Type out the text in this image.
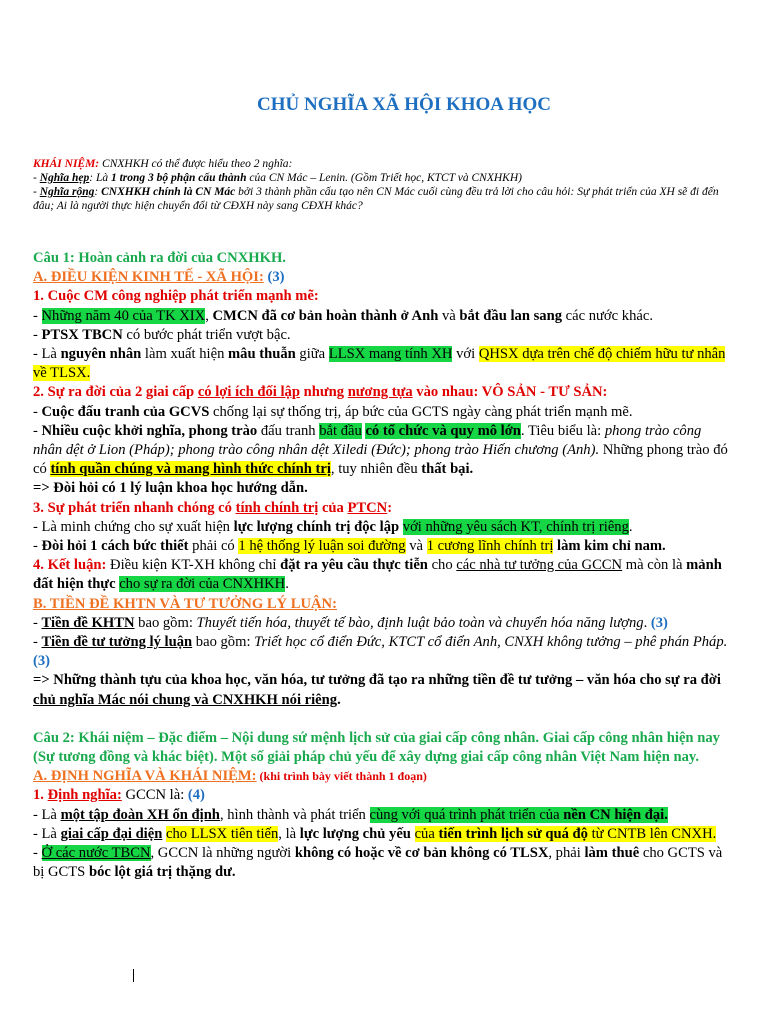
CHỦ NGHĨA XÃ HỘI KHOA HỌC
KHÁI NIỆM: CNXHKH có thể được hiểu theo 2 nghĩa:
- Nghĩa hẹp: Là 1 trong 3 bộ phận cấu thành của CN Mác – Lenin. (Gồm Triết học, KTCT và CNXHKH)
- Nghĩa rộng: CNXHKH chính là CN Mác bởi 3 thành phần cấu tạo nên CN Mác cuối cùng đều trả lời cho câu hỏi: Sự phát triển của XH sẽ đi đến đâu; Ai là người thực hiện chuyển đổi từ CĐXH này sang CĐXH khác?

Câu 1: Hoàn cảnh ra đời của CNXHKH.

A. ĐIỀU KIỆN KINH TẾ - XÃ HỘI: (3)

1. Cuộc CM công nghiệp phát triển mạnh mẽ:

- Những năm 40 của TK XIX, CMCN đã cơ bản hoàn thành ở Anh và bắt đầu lan sang các nước khác.

- PTSX TBCN có bước phát triển vượt bậc.

- Là nguyên nhân làm xuất hiện mâu thuẫn giữa LLSX mang tính XH với QHSX dựa trên chế độ chiếm hữu tư nhân về TLSX.

2. Sự ra đời của 2 giai cấp có lợi ích đối lập nhưng nương tựa vào nhau: VÔ SẢN - TƯ SẢN:

- Cuộc đấu tranh của GCVS chống lại sự thống trị, áp bức của GCTS ngày càng phát triển mạnh mẽ.

- Nhiều cuộc khởi nghĩa, phong trào đấu tranh bắt đầu có tổ chức và quy mô lớn. Tiêu biểu là: phong trào công nhân dệt ở Lion (Pháp); phong trào công nhân dệt Xiledi (Đức); phong trào Hiến chương (Anh). Những phong trào đó có tính quần chúng và mang hình thức chính trị, tuy nhiên đều thất bại.

=> Đòi hỏi có 1 lý luận khoa học hướng dẫn.

3. Sự phát triển nhanh chóng có tính chính trị của PTCN:

- Là minh chứng cho sự xuất hiện lực lượng chính trị độc lập với những yêu sách KT, chính trị riêng.

- Đòi hỏi 1 cách bức thiết phải có 1 hệ thống lý luận soi đường và 1 cương lĩnh chính trị làm kim chỉ nam.

4. Kết luận: Điều kiện KT-XH không chỉ đặt ra yêu cầu thực tiễn cho các nhà tư tưởng của GCCN mà còn là mảnh đất hiện thực cho sự ra đời của CNXHKH.

B. TIỀN ĐỀ KHTN VÀ TƯ TƯỞNG LÝ LUẬN:

- Tiền đề KHTN bao gồm: Thuyết tiến hóa, thuyết tế bào, định luật bảo toàn và chuyển hóa năng lượng. (3)

- Tiền đề tư tưởng lý luận bao gồm: Triết học cổ điển Đức, KTCT cổ điển Anh, CNXH không tưởng – phê phán Pháp. (3)

=> Những thành tựu của khoa học, văn hóa, tư tưởng đã tạo ra những tiền đề tư tưởng – văn hóa cho sự ra đời chủ nghĩa Mác nói chung và CNXHKH nói riêng.

Câu 2: Khái niệm – Đặc điểm – Nội dung sứ mệnh lịch sử của giai cấp công nhân. Giai cấp công nhân hiện nay (Sự tương đồng và khác biệt). Một số giải pháp chủ yếu để xây dựng giai cấp công nhân Việt Nam hiện nay.

A. ĐỊNH NGHĨA VÀ KHÁI NIỆM: (khi trình bày viết thành 1 đoạn)

1. Định nghĩa: GCCN là: (4)

- Là một tập đoàn XH ổn định, hình thành và phát triển cùng với quá trình phát triển của nền CN hiện đại.

- Là giai cấp đại diện cho LLSX tiên tiến, là lực lượng chủ yếu của tiến trình lịch sử quá độ từ CNTB lên CNXH.

- Ở các nước TBCN, GCCN là những người không có hoặc về cơ bản không có TLSX, phải làm thuê cho GCTS và bị GCTS bóc lột giá trị thặng dư.
